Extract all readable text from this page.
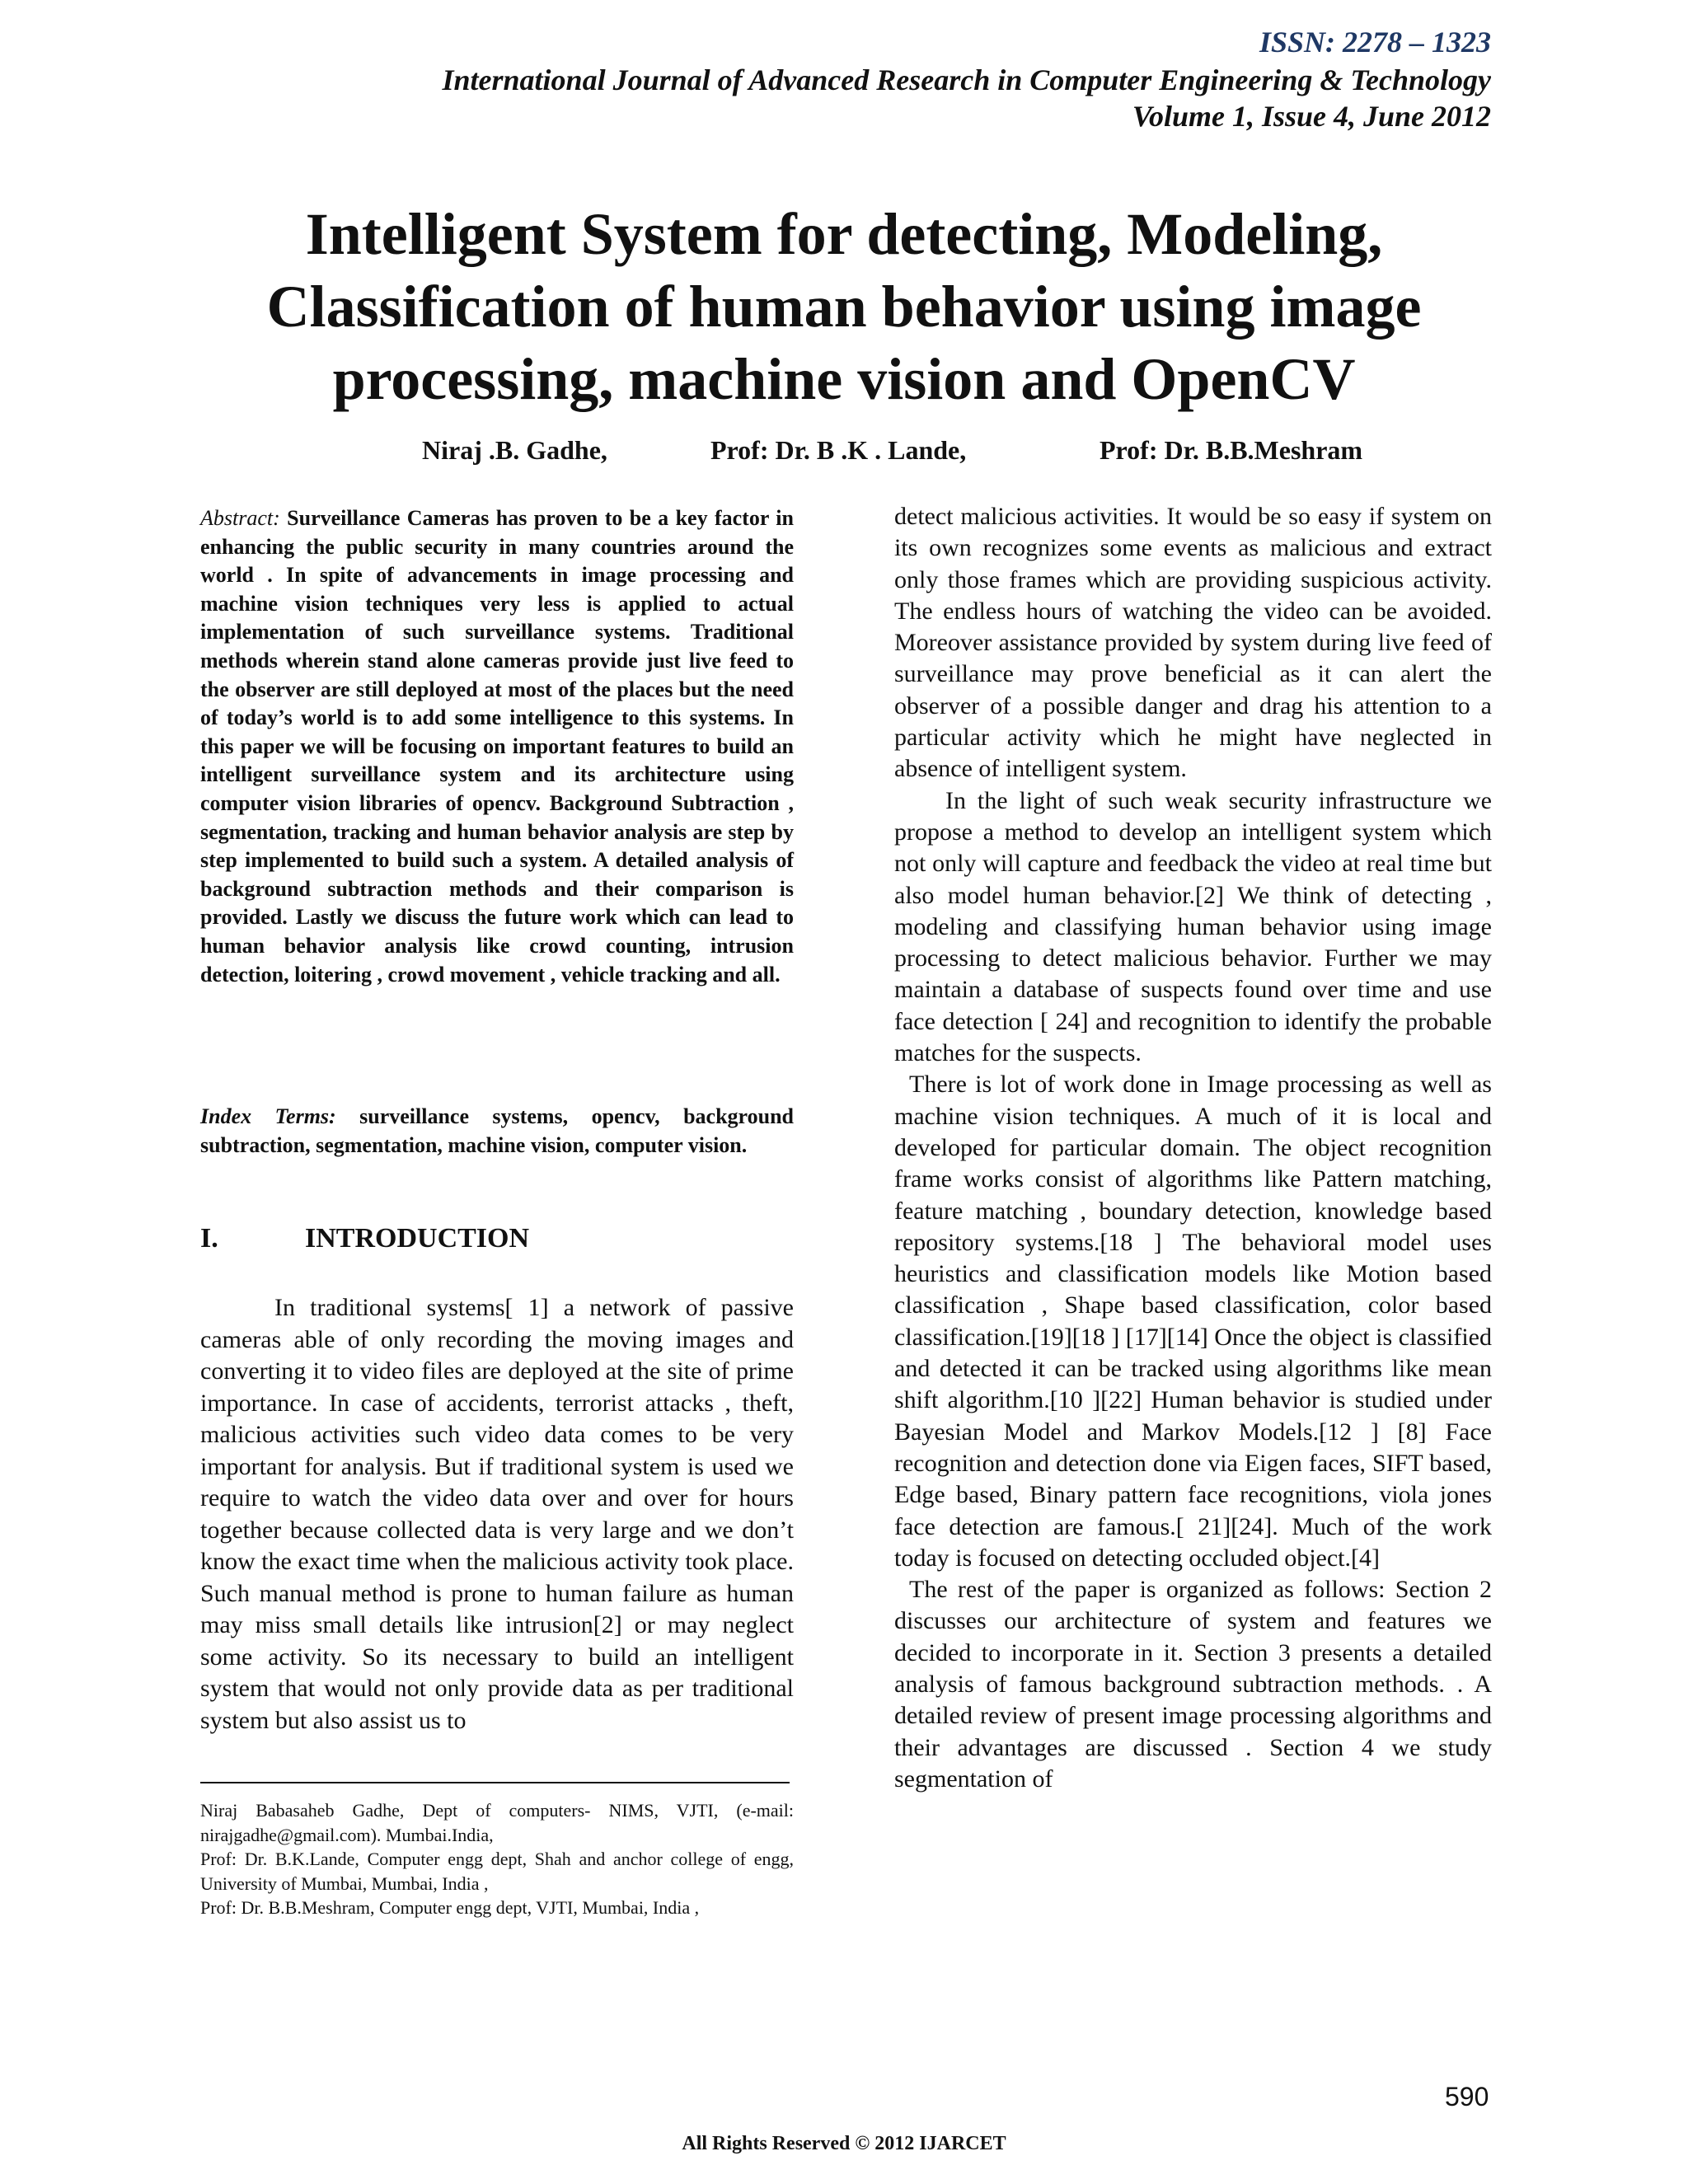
ISSN: 2278 – 1323
International Journal of Advanced Research in Computer Engineering & Technology
Volume 1, Issue 4, June 2012
Intelligent System for detecting, Modeling,
Classification of human behavior using image
processing, machine vision and OpenCV
Niraj .B. Gadhe,	Prof: Dr. B .K . Lande,	Prof: Dr. B.B.Meshram
Abstract: Surveillance Cameras has proven to be a key factor in enhancing the public security in many countries around the world . In spite of advancements in image processing and machine vision techniques very less is applied to actual implementation of such surveillance systems. Traditional methods wherein stand alone cameras provide just live feed to the observer are still deployed at most of the places but the need of today’s world is to add some intelligence to this systems. In this paper we will be focusing on important features to build an intelligent surveillance system and its architecture using computer vision libraries of opencv. Background Subtraction , segmentation, tracking and human behavior analysis are step by step implemented to build such a system. A detailed analysis of background subtraction methods and their comparison is provided. Lastly we discuss the future work which can lead to human behavior analysis like crowd counting, intrusion detection, loitering , crowd movement , vehicle tracking and all.
Index Terms: surveillance systems, opencv, background subtraction, segmentation, machine vision, computer vision.
I.	INTRODUCTION
In traditional systems[ 1] a network of passive cameras able of only recording the moving images and converting it to video files are deployed at the site of prime importance. In case of accidents, terrorist attacks , theft, malicious activities such video data comes to be very important for analysis. But if traditional system is used we require to watch the video data over and over for hours together because collected data is very large and we don’t know the exact time when the malicious activity took place. Such manual method is prone to human failure as human may miss small details like intrusion[2] or may neglect some activity. So its necessary to build an intelligent system that would not only provide data as per traditional system but also assist us to

Niraj Babasaheb Gadhe, Dept of computers- NIMS, VJTI, (e-mail: nirajgadhe@gmail.com). Mumbai.India,

Prof: Dr. B.K.Lande, Computer engg dept, Shah and anchor college of engg, University of Mumbai, Mumbai, India ,

Prof: Dr. B.B.Meshram, Computer engg dept, VJTI, Mumbai, India ,

detect malicious activities. It would be so easy if system on its own recognizes some events as malicious and extract only those frames which are providing suspicious activity. The endless hours of watching the video can be avoided. Moreover assistance provided by system during live feed of surveillance may prove beneficial as it can alert the observer of a possible danger and drag his attention to a particular activity which he might have neglected in absence of intelligent system.

In the light of such weak security infrastructure we propose a method to develop an intelligent system which not only will capture and feedback the video at real time but also model human behavior.[2] We think of detecting , modeling and classifying human behavior using image processing to detect malicious behavior. Further we may maintain a database of suspects found over time and use face detection [ 24] and recognition to identify the probable matches for the suspects.

There is lot of work done in Image processing as well as machine vision techniques. A much of it is local and developed for particular domain. The object recognition frame works consist of algorithms like Pattern matching, feature matching , boundary detection, knowledge based repository systems.[18 ] The behavioral model uses heuristics and classification models like Motion based classification , Shape based classification, color based classification.[19][18 ] [17][14] Once the object is classified and detected it can be tracked using algorithms like mean shift algorithm.[10 ][22] Human behavior is studied under Bayesian Model and Markov Models.[12 ] [8] Face recognition and detection done via Eigen faces, SIFT based, Edge based, Binary pattern face recognitions, viola jones face detection are famous.[ 21][24]. Much of the work today is focused on detecting occluded object.[4]

The rest of the paper is organized as follows: Section 2 discusses our architecture of system and features we decided to incorporate in it. Section 3 presents a detailed analysis of famous background subtraction methods. . A detailed review of present image processing algorithms and their advantages are discussed . Section 4 we study segmentation of

590
All Rights Reserved © 2012 IJARCET
